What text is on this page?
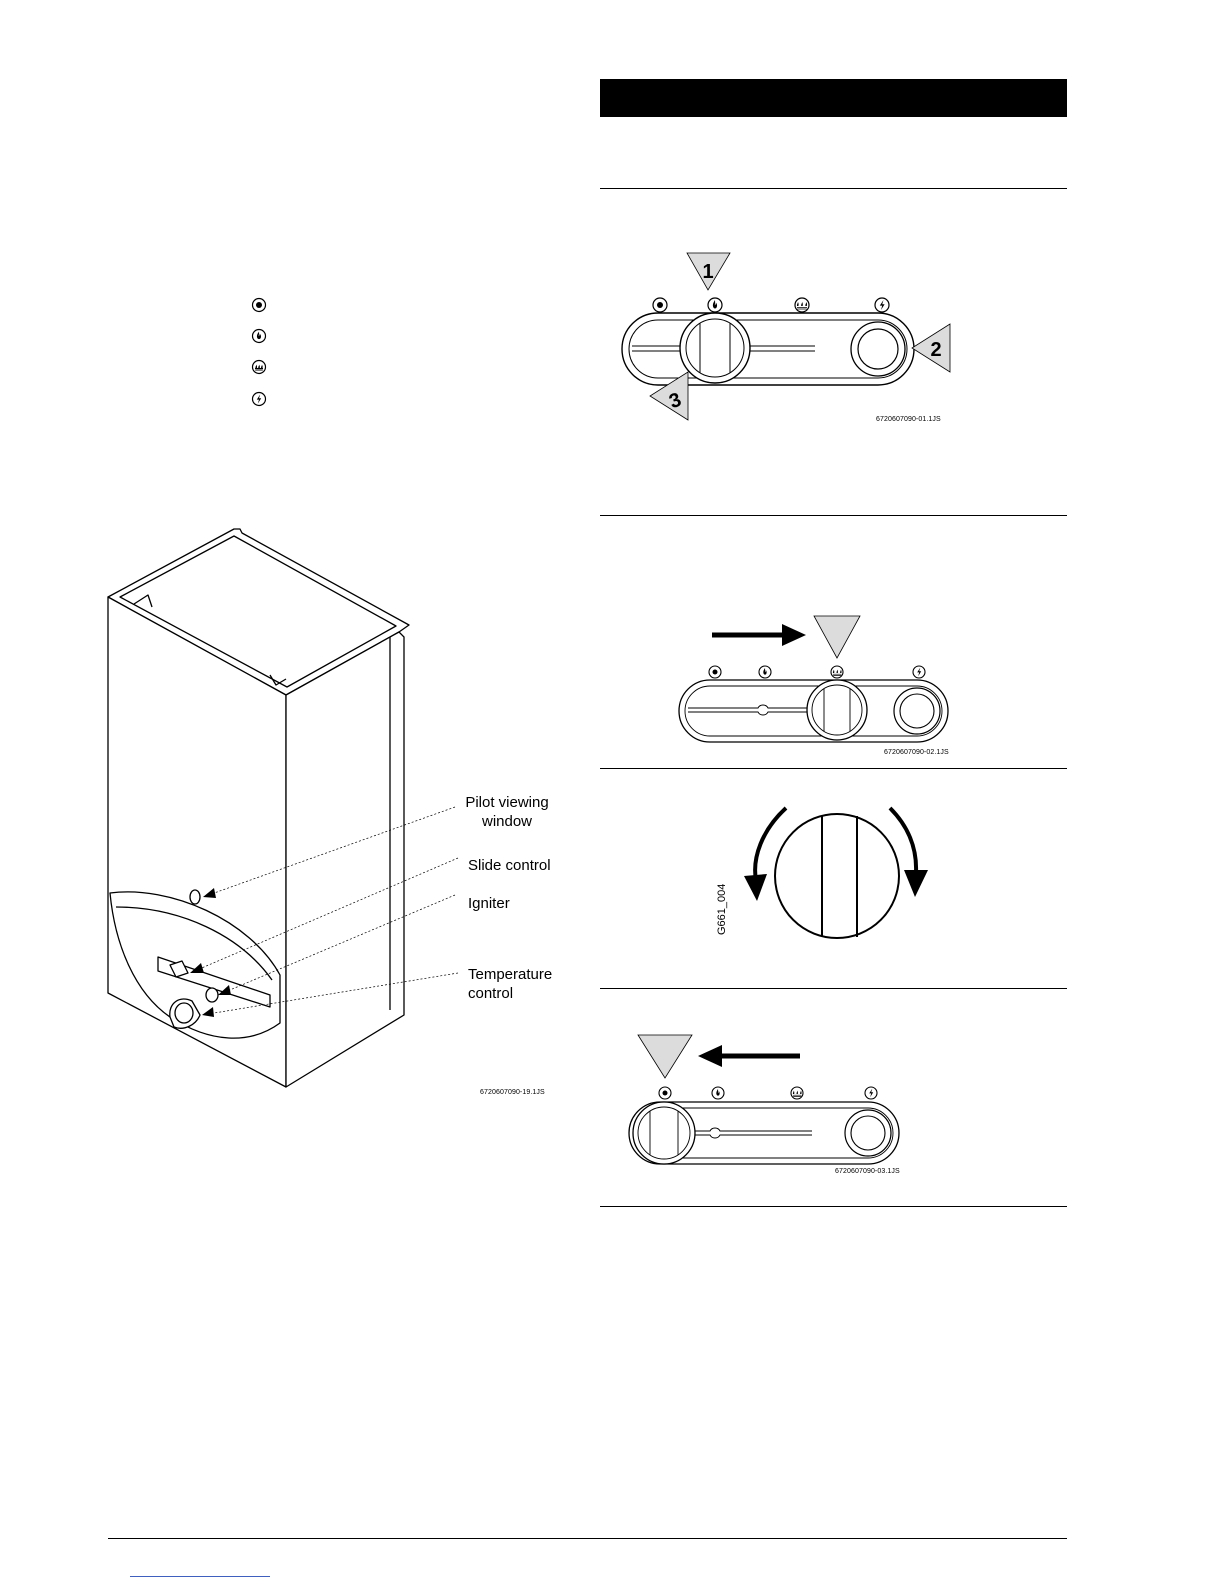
Pilot viewing
window
Slide control
Igniter
Temperature
control
6720607090-19.1JS
1
2
3
6720607090-01.1JS
6720607090-02.1JS
G661_004
6720607090-03.1JS
